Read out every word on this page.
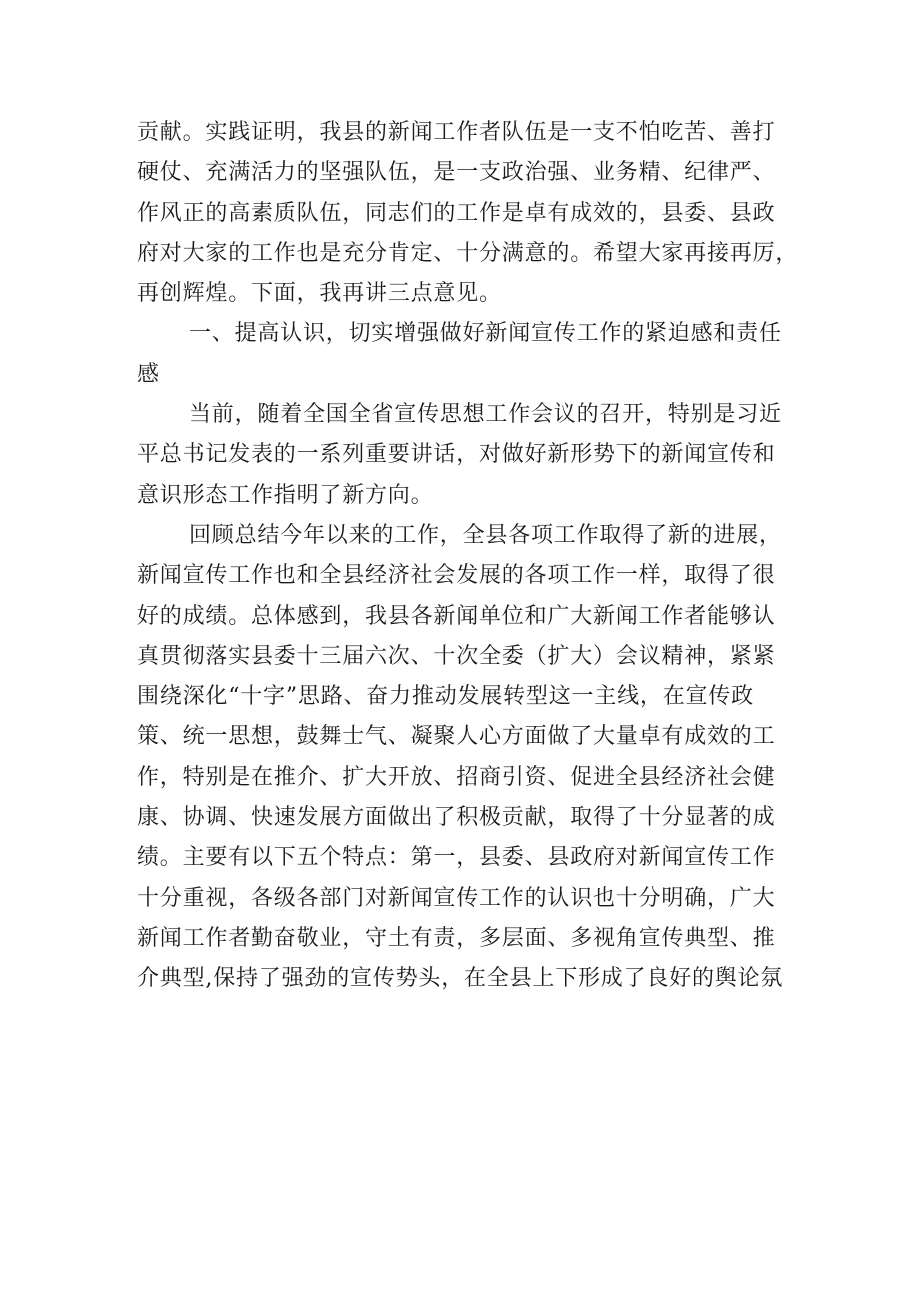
贡献。实践证明，我县的新闻工作者队伍是一支不怕吃苦、善打
硬仗、充满活力的坚强队伍，是一支政治强、业务精、纪律严、
作风正的高素质队伍，同志们的工作是卓有成效的，县委、县政
府对大家的工作也是充分肯定、十分满意的。希望大家再接再厉，
再创辉煌。下面，我再讲三点意见。
一、提高认识，切实增强做好新闻宣传工作的紧迫感和责任
感
当前，随着全国全省宣传思想工作会议的召开，特别是习近
平总书记发表的一系列重要讲话，对做好新形势下的新闻宣传和
意识形态工作指明了新方向。
回顾总结今年以来的工作，全县各项工作取得了新的进展，
新闻宣传工作也和全县经济社会发展的各项工作一样，取得了很
好的成绩。总体感到，我县各新闻单位和广大新闻工作者能够认
真贯彻落实县委十三届六次、十次全委（扩大）会议精神，紧紧
围绕深化“十字”思路、奋力推动发展转型这一主线，在宣传政
策、统一思想，鼓舞士气、凝聚人心方面做了大量卓有成效的工
作，特别是在推介、扩大开放、招商引资、促进全县经济社会健
康、协调、快速发展方面做出了积极贡献，取得了十分显著的成
绩。主要有以下五个特点：第一，县委、县政府对新闻宣传工作
十分重视，各级各部门对新闻宣传工作的认识也十分明确，广大
新闻工作者勤奋敬业，守土有责，多层面、多视角宣传典型、推
介典型,保持了强劲的宣传势头，在全县上下形成了良好的舆论氛
